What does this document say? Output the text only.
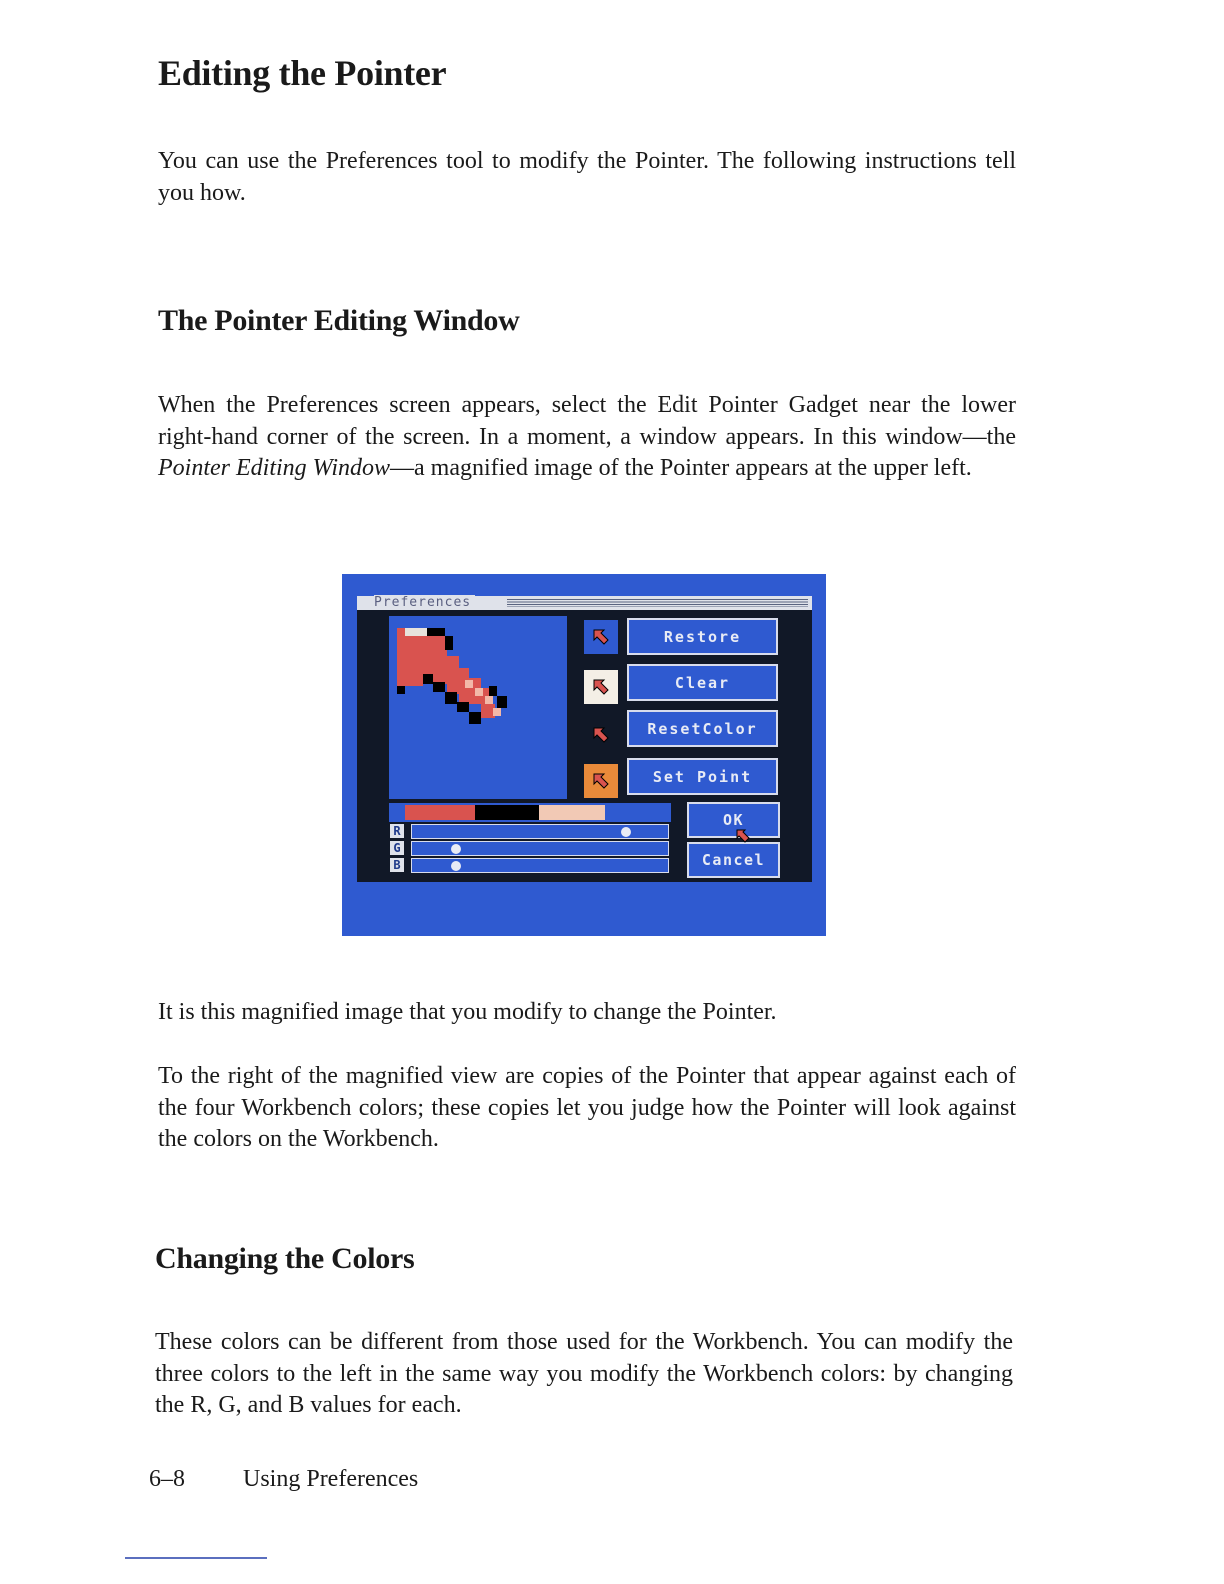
Editing the Pointer

You can use the Preferences tool to modify the Pointer. The following instructions tell you how.

The Pointer Editing Window

When the Preferences screen appears, select the Edit Pointer Gadget near the lower right-hand corner of the screen. In a moment, a window appears. In this window—the Pointer Editing Window—a magnified image of the Pointer appears at the upper left.

Preferences
Restore
Clear
ResetColor
Set Point
R
G
B
OK
Cancel

It is this magnified image that you modify to change the Pointer.

To the right of the magnified view are copies of the Pointer that appear against each of the four Workbench colors; these copies let you judge how the Pointer will look against the colors on the Workbench.

Changing the Colors

These colors can be different from those used for the Workbench. You can modify the three colors to the left in the same way you modify the Workbench colors: by changing the R, G, and B values for each.

6–8 Using Preferences
